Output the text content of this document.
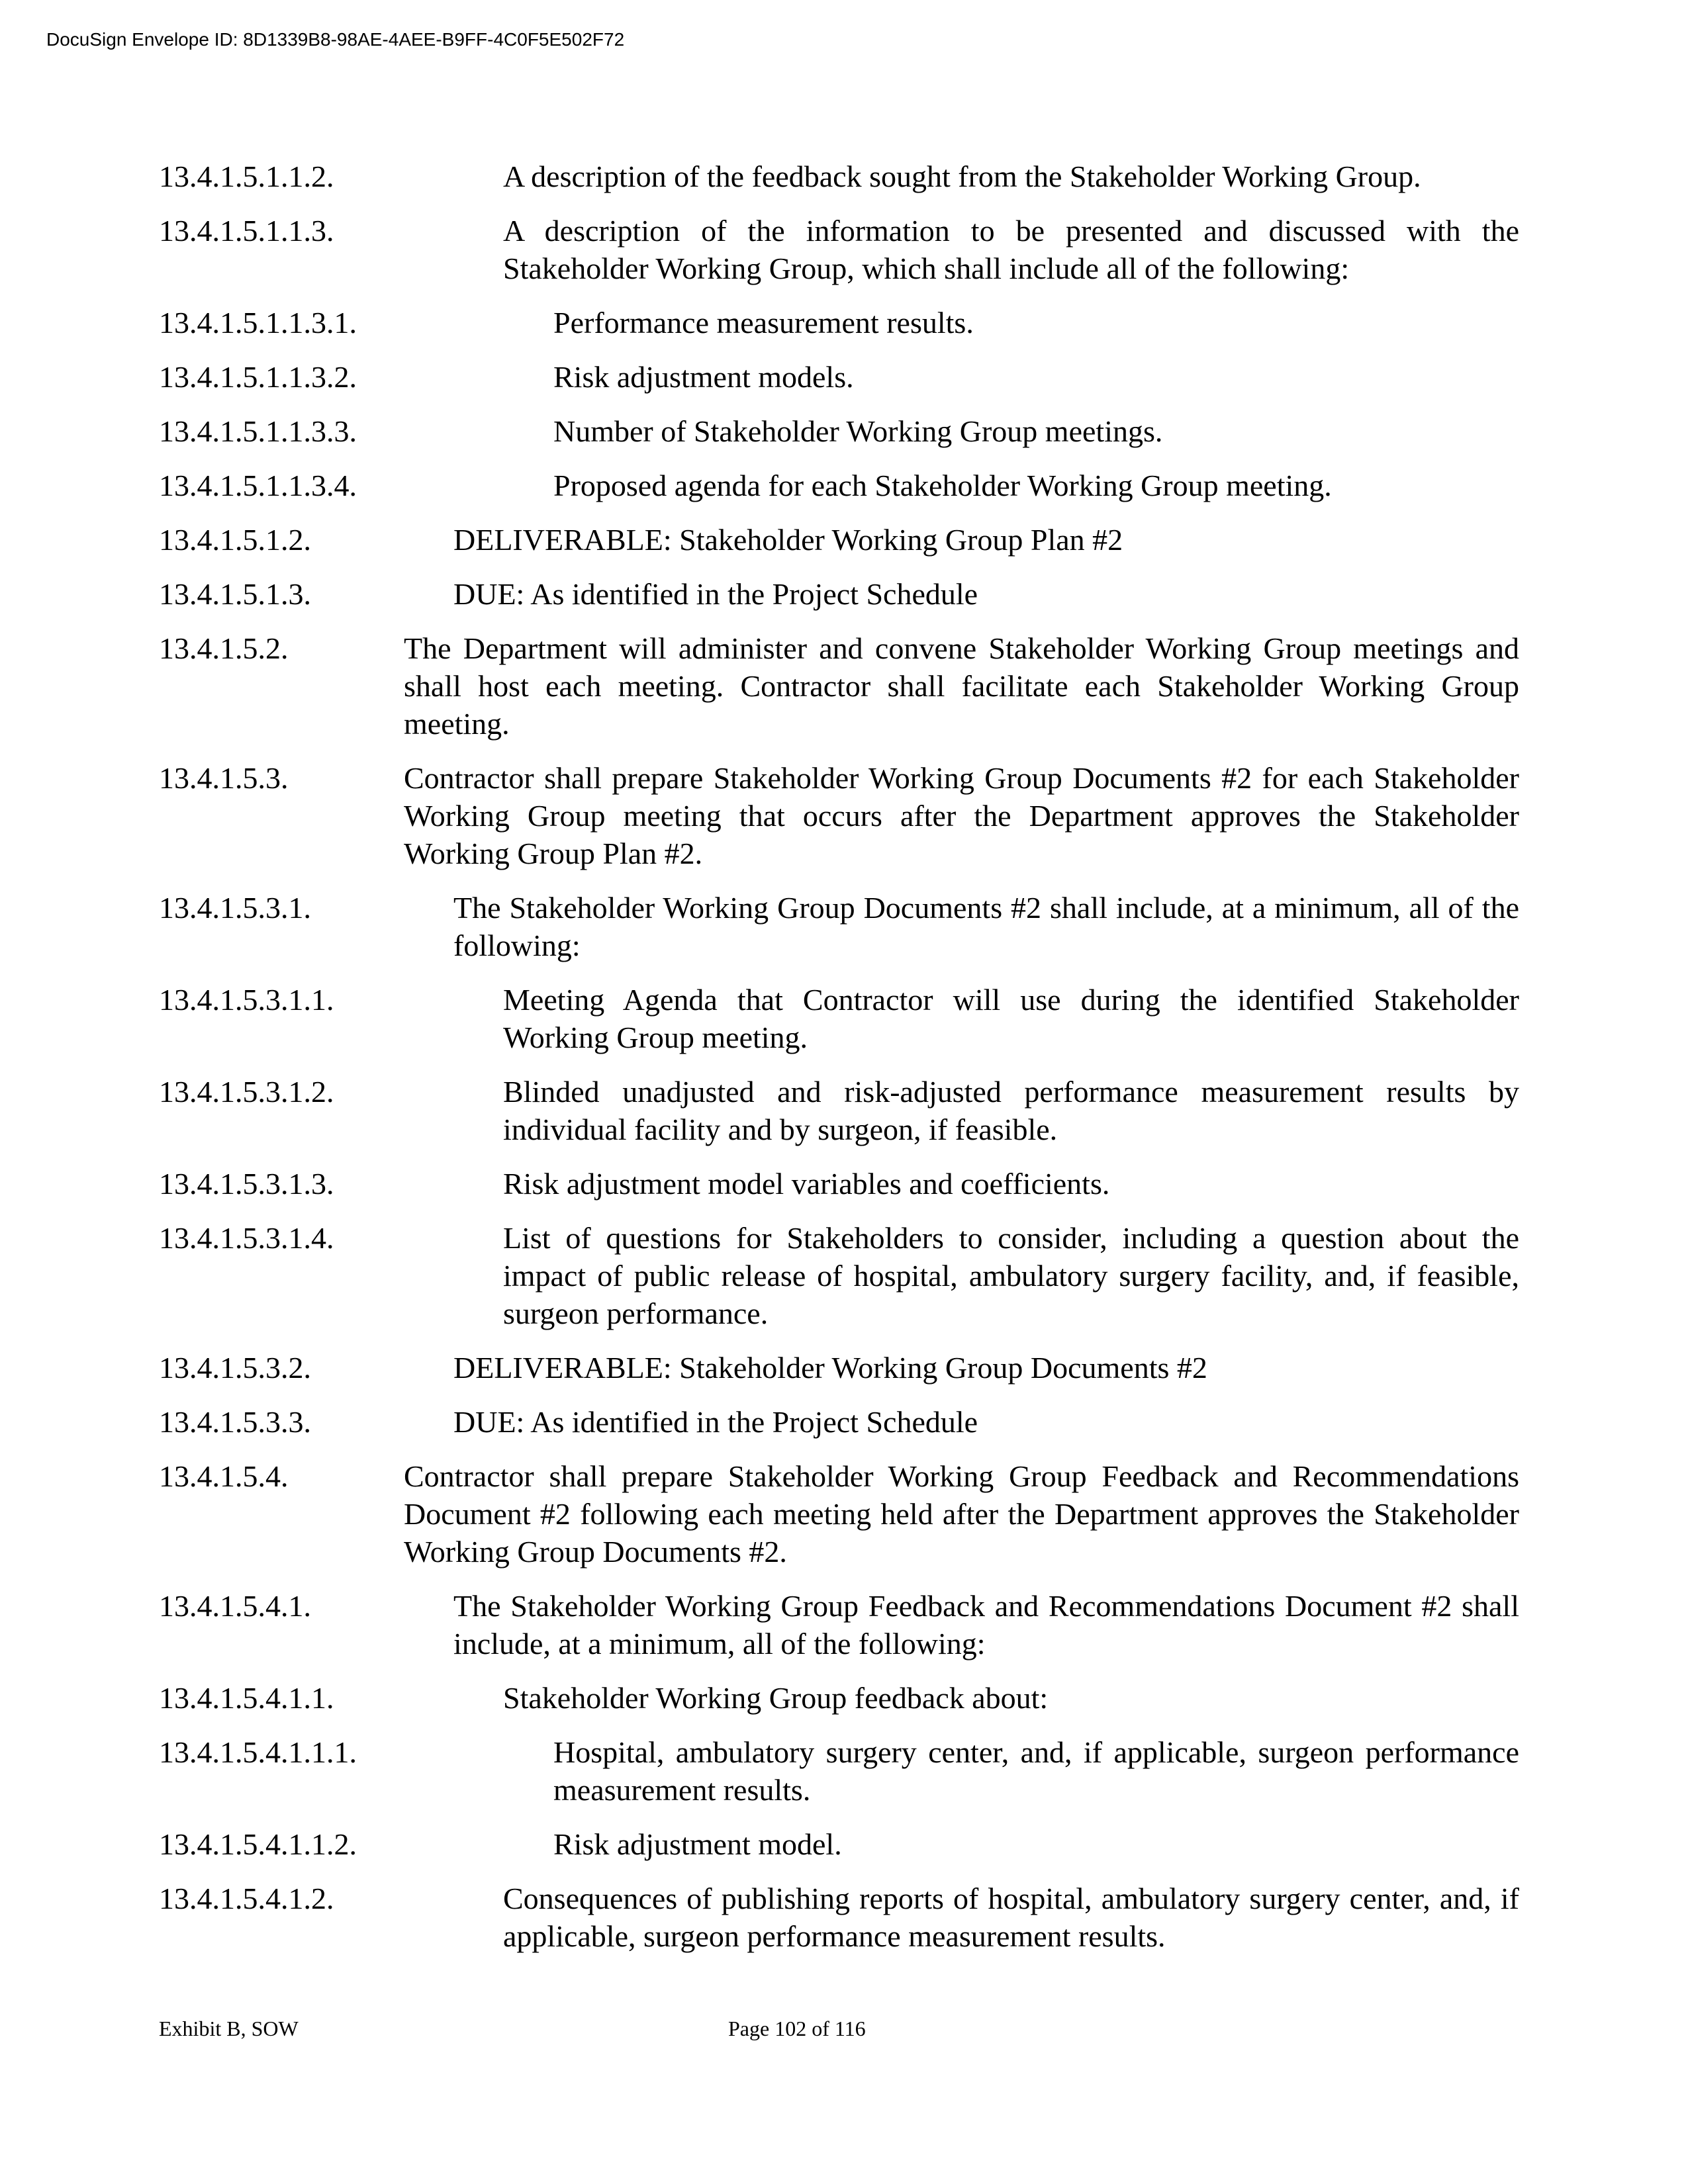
DocuSign Envelope ID: 8D1339B8-98AE-4AEE-B9FF-4C0F5E502F72
13.4.1.5.1.1.2.	A description of the feedback sought from the Stakeholder Working Group.
13.4.1.5.1.1.3.	A description of the information to be presented and discussed with the Stakeholder Working Group, which shall include all of the following:
13.4.1.5.1.1.3.1.	Performance measurement results.
13.4.1.5.1.1.3.2.	Risk adjustment models.
13.4.1.5.1.1.3.3.	Number of Stakeholder Working Group meetings.
13.4.1.5.1.1.3.4.	Proposed agenda for each Stakeholder Working Group meeting.
13.4.1.5.1.2.	DELIVERABLE: Stakeholder Working Group Plan #2
13.4.1.5.1.3.	DUE: As identified in the Project Schedule
13.4.1.5.2.	The Department will administer and convene Stakeholder Working Group meetings and shall host each meeting. Contractor shall facilitate each Stakeholder Working Group meeting.
13.4.1.5.3.	Contractor shall prepare Stakeholder Working Group Documents #2 for each Stakeholder Working Group meeting that occurs after the Department approves the Stakeholder Working Group Plan #2.
13.4.1.5.3.1.	The Stakeholder Working Group Documents #2 shall include, at a minimum, all of the following:
13.4.1.5.3.1.1.	Meeting Agenda that Contractor will use during the identified Stakeholder Working Group meeting.
13.4.1.5.3.1.2.	Blinded unadjusted and risk-adjusted performance measurement results by individual facility and by surgeon, if feasible.
13.4.1.5.3.1.3.	Risk adjustment model variables and coefficients.
13.4.1.5.3.1.4.	List of questions for Stakeholders to consider, including a question about the impact of public release of hospital, ambulatory surgery facility, and, if feasible, surgeon performance.
13.4.1.5.3.2.	DELIVERABLE: Stakeholder Working Group Documents #2
13.4.1.5.3.3.	DUE: As identified in the Project Schedule
13.4.1.5.4.	Contractor shall prepare Stakeholder Working Group Feedback and Recommendations Document #2 following each meeting held after the Department approves the Stakeholder Working Group Documents #2.
13.4.1.5.4.1.	The Stakeholder Working Group Feedback and Recommendations Document #2 shall include, at a minimum, all of the following:
13.4.1.5.4.1.1.	Stakeholder Working Group feedback about:
13.4.1.5.4.1.1.1.	Hospital, ambulatory surgery center, and, if applicable, surgeon performance measurement results.
13.4.1.5.4.1.1.2.	Risk adjustment model.
13.4.1.5.4.1.2.	Consequences of publishing reports of hospital, ambulatory surgery center, and, if applicable, surgeon performance measurement results.
Exhibit B, SOW	Page 102 of 116
